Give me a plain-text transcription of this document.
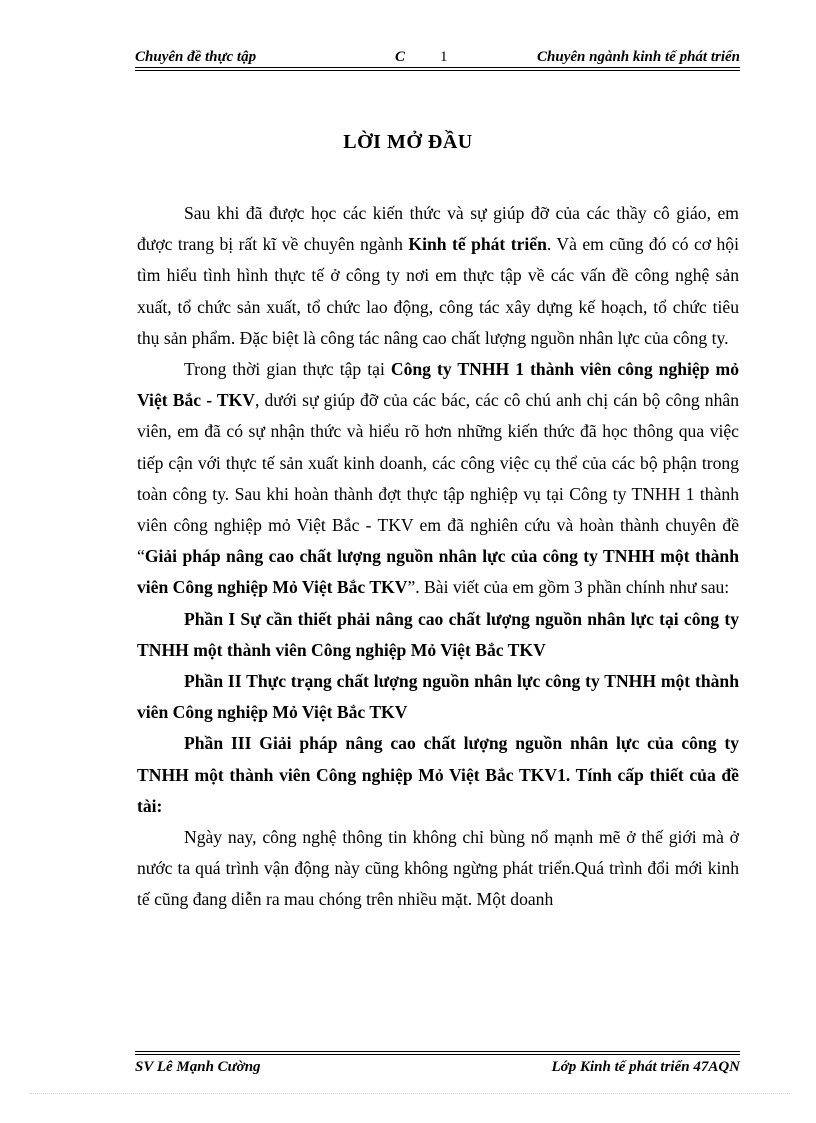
Chuyên đề thực tập	C 1	Chuyên ngành kinh tế phát triển
LỜI MỞ ĐẦU

Sau khi đã được học các kiến thức và sự giúp đỡ của các thầy cô giáo, em được trang bị rất kĩ về chuyên ngành Kinh tế phát triển. Và em cũng đó có cơ hội tìm hiểu tình hình thực tế ở công ty nơi em thực tập về các vấn đề công nghệ sản xuất, tổ chức sản xuất, tổ chức lao động, công tác xây dựng kế hoạch, tổ chức tiêu thụ sản phẩm. Đặc biệt là công tác nâng cao chất lượng nguồn nhân lực của công ty.

Trong thời gian thực tập tại Công ty TNHH 1 thành viên công nghiệp mỏ Việt Bắc - TKV, dưới sự giúp đỡ của các bác, các cô chú anh chị cán bộ công nhân viên, em đã có sự nhận thức và hiểu rõ hơn những kiến thức đã học thông qua việc tiếp cận với thực tế sản xuất kinh doanh, các công việc cụ thể của các bộ phận trong toàn công ty. Sau khi hoàn thành đợt thực tập nghiệp vụ tại Công ty TNHH 1 thành viên công nghiệp mỏ Việt Bắc - TKV em đã nghiên cứu và hoàn thành chuyên đề “Giải pháp nâng cao chất lượng nguồn nhân lực của công ty TNHH một thành viên Công nghiệp Mỏ Việt Bắc TKV”. Bài viết của em gồm 3 phần chính như sau:

Phần I Sự cần thiết phải nâng cao chất lượng nguồn nhân lực tại công ty TNHH một thành viên Công nghiệp Mỏ Việt Bắc TKV

Phần II Thực trạng chất lượng nguồn nhân lực công ty TNHH một thành viên Công nghiệp Mỏ Việt Bắc TKV

Phần III Giải pháp nâng cao chất lượng nguồn nhân lực của công ty TNHH một thành viên Công nghiệp Mỏ Việt Bắc TKV1. Tính cấp thiết của đề tài:

Ngày nay, công nghệ thông tin không chỉ bùng nổ mạnh mẽ ở thế giới mà ở nước ta quá trình vận động này cũng không ngừng phát triển.Quá trình đổi mới kinh tế cũng đang diễn ra mau chóng trên nhiều mặt. Một doanh

SV Lê Mạnh Cường	Lớp Kinh tế phát triển 47AQN
